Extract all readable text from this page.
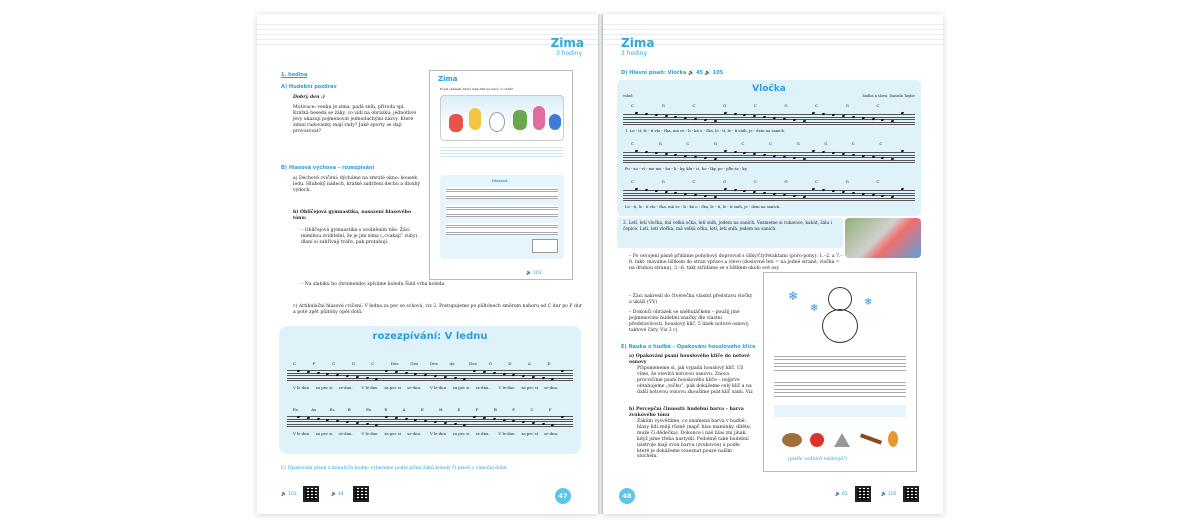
Zima
3 hodiny
1. hodina
A) Hudební pozdrav
Dobrý den :)
Motivace: venku je zima, padá sníh, příroda spí. Krátká beseda se žáky, co vidí na obrázku; jednotlivé jevy ukazují pojmenovat jednoduchými názvy. Které zimní radovánky mají rády? Jaké sporty se dají provozovat?
B) Hlasová výchova – rozezpívání
a) Dechové cvičení: dýcháme na zmrzlé okno: kousek ledu. Hluboký nádech, krátké zadržení dechu a dlouhý výdech.
b) Obličejová gymnastika, nasazení hlasového tónu:
– Obličejová gymnastika s uvolněním tiše. Žáci mimikou zviditelní, že je jim zima („cvakají“ zuby), dlaní si zahřívají tváře, pak protahují.
– Na slabiku ho (hrumende) zpíváme koledu Šiml vrba koleda
c) Artikulační hlasové cvičení: V ledna za pec se schová, viz 2. Postupujeme po půltónech směrem nahoru od C dur po F dur a poté zpět půltóny opět dolů.
Zima
Popiš obrázek, který mají děti na sobě, co vidíš?
Hlasová
🔊 103
rozezpívání: V lednu
C	F	C	G	C	Des	Ges	Des	As	Des	G	D	A	D
V le-dnu za pec si se-dnu. V le-dnu za pec si se-dnu. V le-dnu za pec si se-dnu. V le-dnu za pec si se-dnu.
Es	As	Es	B	Es	E	A	E	H	E	F	B	F	C	F
V le-dnu za pec si se-dnu. V le-dnu za pec si se-dnu. V le-dnu za pec si se-dnu. V le-dnu za pec si se-dnu.
C) Opakování písně z minulých hodin: vybereme podle přání žáků koledy či píseň o vánoční době
🔊 103	🔊 44	47
Zima
3 hodiny
D) Hlavní píseň: Vločka 🔊 45 🔊 105
Vločka
volně	hudba a slova: Daniela Taylor
1. Le - tí, le - tí vlo - čka, má ve - li - ká o - čka, le - tí, le - tí sníh, je - dem na saních.
C	G	C	G	C	G	C	G	C
Po - su - ví - me mu - hu - li - ky, klu - ci, ho - lky, po - jďte ta - ky.
C	G	C	G	C	C	G	G	C	C
Le - tí, le - tí vlo - čka, má ve - li - ká o - čka, le - tí, le - tí sníh, je - dem na saních.
C	G	C	G	C	G	C	G	C
2. Letí, letí vločka, má velká očka, letí sníh, jedem na saních. Vezmeme si rukavice, kabát, šálu i čepice. Letí, letí vločka, má velká očka, letí, letí sníh, jedem na saních.
– Po osvojení písně přidáme pohybový doprovod s úšky/čtyřetaktami (poro-pony): 1.–2. a 7.–8. takt: máváme lištkem do stran vpravo a vlevo (doslovně letí = na jedné straně, vločka = na druhou stranu), 3.–6. takt střídáme se s lištkem okolo své osy
– Žáci nakreslí do čtverečku vlastní představu vločky a ukáží (VV)
– Dokonči obrázek se sněhuláčkem – použij jiné pojmenování hudební značky dle vlastní představivosti, houslový klíč, 5 linek notové osnovy, taktové čáry. Viz 3 c)
E) Nauka o hudbě – Opakování houslového klíče
a) Opakování psaní houslového klíče do notové osnovy
Připomeneme si, jak vypadá houslový klíč. Už víme, že otevírá notovou osnovu. Znova procvičíme psaní houslového klíče – nejprve obtahujeme „tečku“, pak dokážeme celý klíč a na další notovou osnovu zkoušíme psát klíč sami. Viz
b) Percepční činnosti: hudební barva – barva zvukového tónu
Žákům vysvětlíme, co znamená barva v hudbě: hlasy lidí znějí různě (např. hlas maminky, dítěte, muže či dědečka). Dokonce i náš hlas zní jinak, když jsme třeba nastydlí. Podobně také hudební nástroje mají svou barvu (zvukovou) a podle které je dokážeme rozeznat pouze naším sluchem.
❄
❄
❄
(podle vodních nástrojů?)
48	🔊 65	🔊 105
